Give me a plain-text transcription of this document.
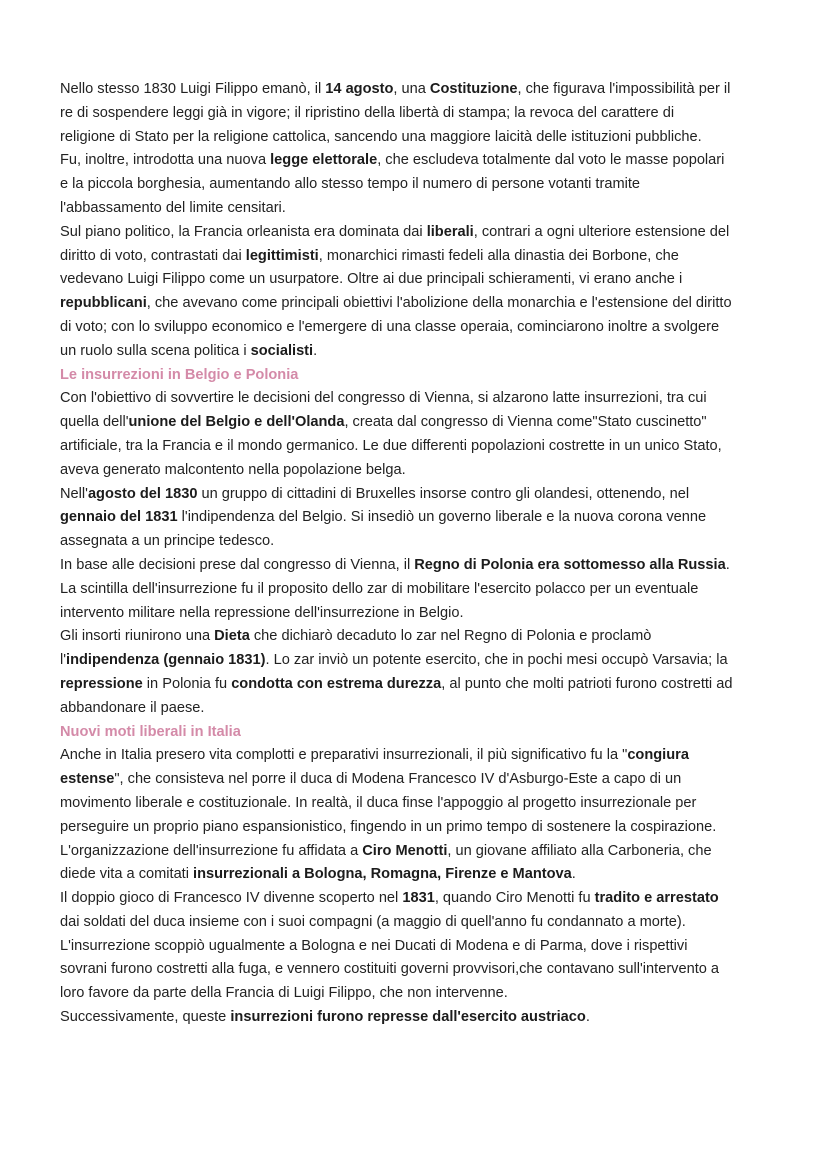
Nello stesso 1830 Luigi Filippo emanò, il 14 agosto, una Costituzione, che figurava l'impossibilità per il
re di sospendere leggi già in vigore; il ripristino della libertà di stampa; la revoca del carattere di
religione di Stato per la religione cattolica, sancendo una maggiore laicità delle istituzioni pubbliche.
Fu, inoltre, introdotta una nuova legge elettorale, che escludeva totalmente dal voto le masse popolari
e la piccola borghesia, aumentando allo stesso tempo il numero di persone votanti tramite
l'abbassamento del limite censitari.
Sul piano politico, la Francia orleanista era dominata dai liberali, contrari a ogni ulteriore estensione del
diritto di voto, contrastati dai legittimisti, monarchici rimasti fedeli alla dinastia dei Borbone, che
vedevano Luigi Filippo come un usurpatore. Oltre ai due principali schieramenti, vi erano anche i
repubblicani, che avevano come principali obiettivi l'abolizione della monarchia e l'estensione del diritto
di voto; con lo sviluppo economico e l'emergere di una classe operaia, cominciarono inoltre a svolgere
un ruolo sulla scena politica i socialisti.
Le insurrezioni in Belgio e Polonia
Con l'obiettivo di sovvertire le decisioni del congresso di Vienna, si alzarono latte insurrezioni, tra cui
quella dell'unione del Belgio e dell'Olanda, creata dal congresso di Vienna come"Stato cuscinetto"
artificiale, tra la Francia e il mondo germanico. Le due differenti popolazioni costrette in un unico Stato,
aveva generato malcontento nella popolazione belga.
Nell'agosto del 1830 un gruppo di cittadini di Bruxelles insorse contro gli olandesi, ottenendo, nel
gennaio del 1831 l'indipendenza del Belgio. Si insediò un governo liberale e la nuova corona venne
assegnata a un principe tedesco.
In base alle decisioni prese dal congresso di Vienna, il Regno di Polonia era sottomesso alla Russia.
La scintilla dell'insurrezione fu il proposito dello zar di mobilitare l'esercito polacco per un eventuale
intervento militare nella repressione dell'insurrezione in Belgio.
Gli insorti riunirono una Dieta che dichiarò decaduto lo zar nel Regno di Polonia e proclamò
l'indipendenza (gennaio 1831). Lo zar inviò un potente esercito, che in pochi mesi occupò Varsavia; la
repressione in Polonia fu condotta con estrema durezza, al punto che molti patrioti furono costretti ad
abbandonare il paese.
Nuovi moti liberali in Italia
Anche in Italia presero vita complotti e preparativi insurrezionali, il più significativo fu la "congiura
estense", che consisteva nel porre il duca di Modena Francesco IV d'Asburgo-Este a capo di un
movimento liberale e costituzionale. In realtà, il duca finse l'appoggio al progetto insurrezionale per
perseguire un proprio piano espansionistico, fingendo in un primo tempo di sostenere la cospirazione.
L'organizzazione dell'insurrezione fu affidata a Ciro Menotti, un giovane affiliato alla Carboneria, che
diede vita a comitati insurrezionali a Bologna, Romagna, Firenze e Mantova.
Il doppio gioco di Francesco IV divenne scoperto nel 1831, quando Ciro Menotti fu tradito e arrestato
dai soldati del duca insieme con i suoi compagni (a maggio di quell'anno fu condannato a morte).
L'insurrezione scoppiò ugualmente a Bologna e nei Ducati di Modena e di Parma, dove i rispettivi
sovrani furono costretti alla fuga, e vennero costituiti governi provvisori,che contavano sull'intervento a
loro favore da parte della Francia di Luigi Filippo, che non intervenne.
Successivamente, queste insurrezioni furono represse dall'esercito austriaco.
